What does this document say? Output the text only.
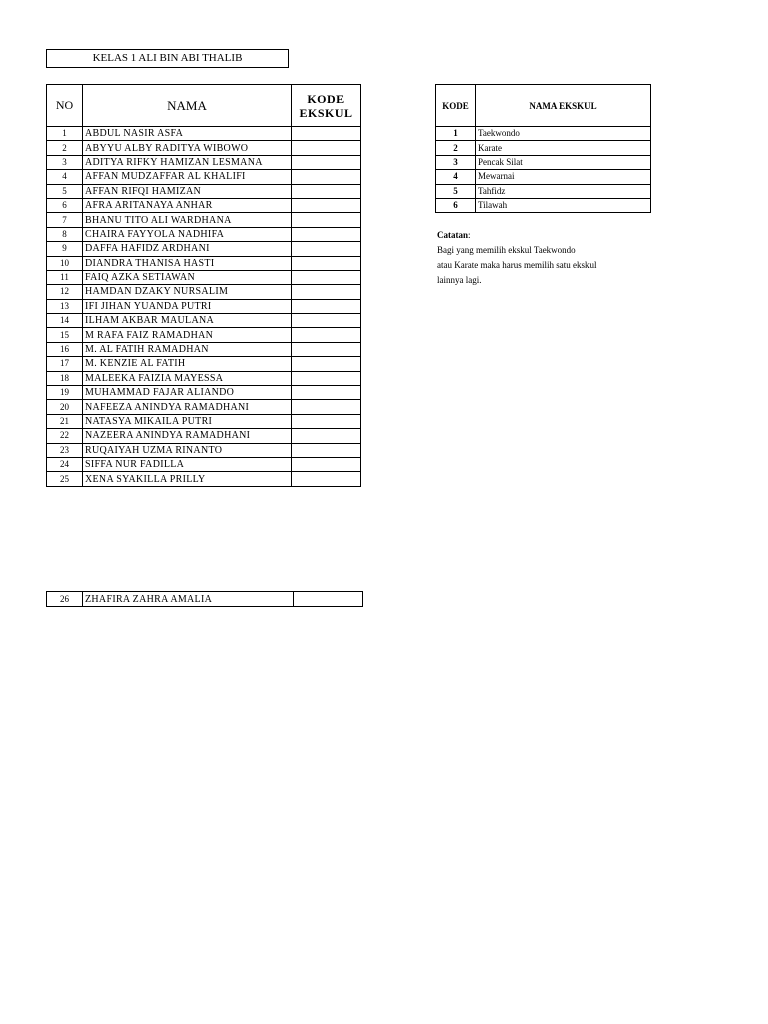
KELAS 1 ALI BIN ABI THALIB
NO	NAMA	KODE
EKSKUL
1	ABDUL NASIR ASFA	
2	ABYYU ALBY RADITYA WIBOWO	
3	ADITYA RIFKY HAMIZAN LESMANA	
4	AFFAN MUDZAFFAR AL KHALIFI	
5	AFFAN RIFQI HAMIZAN	
6	AFRA ARITANAYA ANHAR	
7	BHANU TITO ALI WARDHANA	
8	CHAIRA FAYYOLA NADHIFA	
9	DAFFA HAFIDZ ARDHANI	
10	DIANDRA THANISA HASTI	
11	FAIQ AZKA SETIAWAN	
12	HAMDAN DZAKY NURSALIM	
13	IFI JIHAN YUANDA PUTRI	
14	ILHAM AKBAR MAULANA	
15	M RAFA FAIZ RAMADHAN	
16	M. AL FATIH RAMADHAN	
17	M. KENZIE AL FATIH	
18	MALEEKA FAIZIA MAYESSA	
19	MUHAMMAD FAJAR ALIANDO	
20	NAFEEZA ANINDYA RAMADHANI	
21	NATASYA MIKAILA PUTRI	
22	NAZEERA ANINDYA RAMADHANI	
23	RUQAIYAH UZMA RINANTO	
24	SIFFA NUR FADILLA	
25	XENA SYAKILLA PRILLY	
26	ZHAFIRA ZAHRA AMALIA	
KODE	NAMA EKSKUL
1	Taekwondo
2	Karate
3	Pencak Silat
4	Mewarnai
5	Tahfidz
6	Tilawah
Catatan:
Bagi yang memilih ekskul Taekwondo
atau Karate maka harus memilih satu ekskul
lainnya lagi.
